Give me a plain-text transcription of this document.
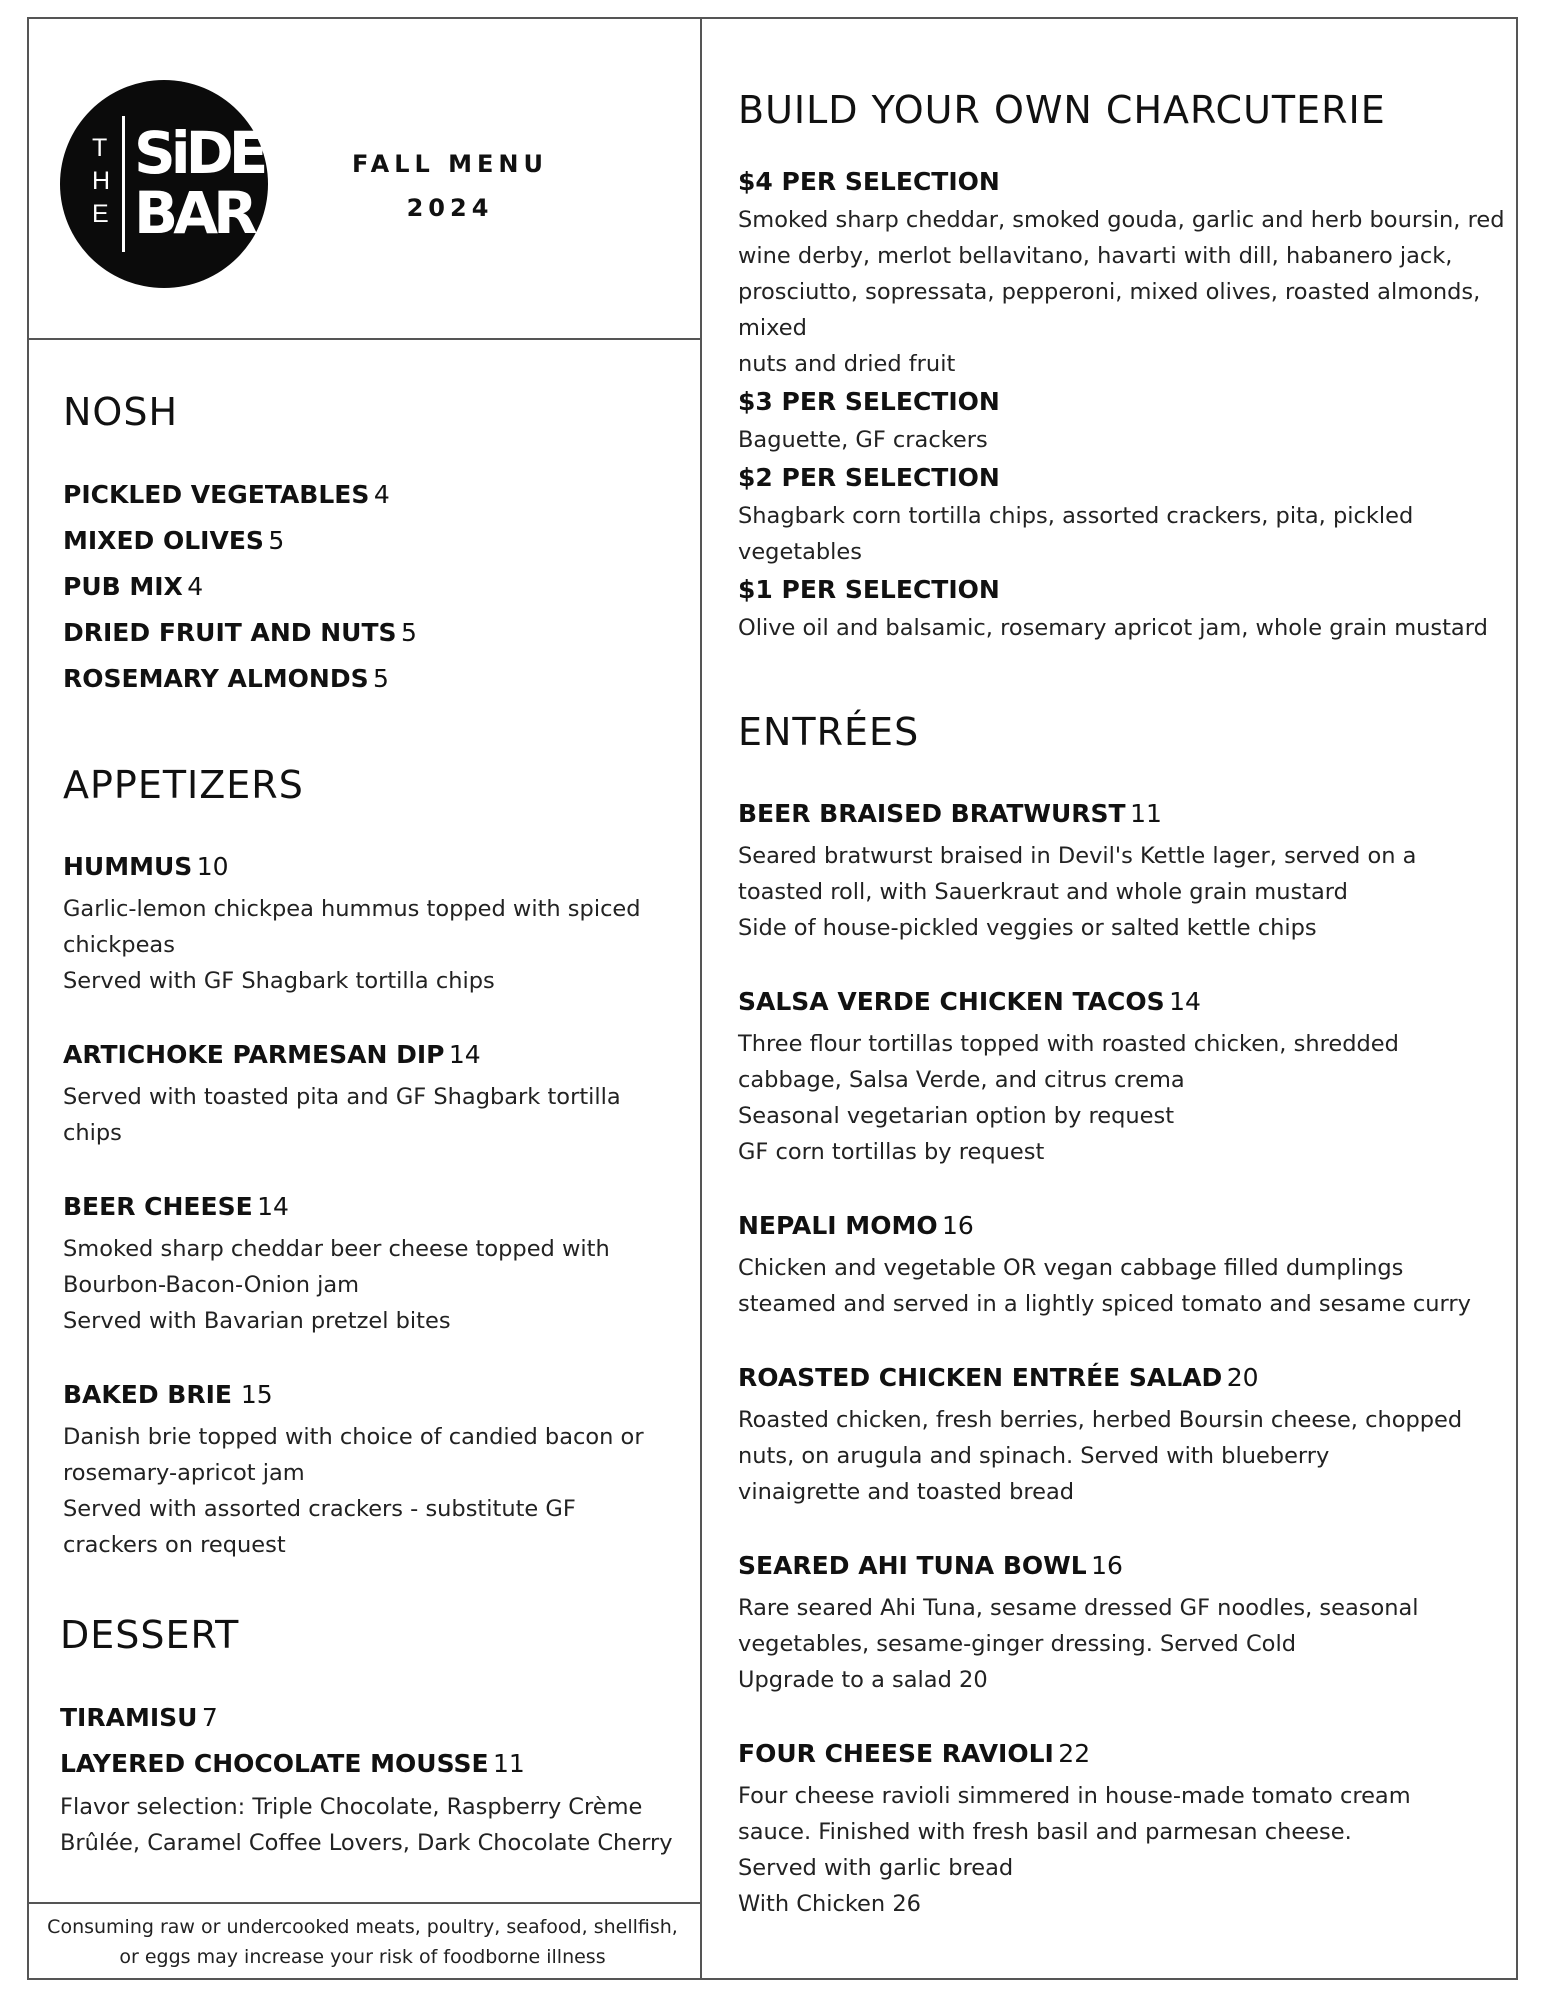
T
H
E
SiDE
BAR
FALL MENU
2024
NOSH
PICKLED VEGETABLES 4
MIXED OLIVES 5
PUB MIX 4
DRIED FRUIT AND NUTS 5
ROSEMARY ALMONDS 5
APPETIZERS
HUMMUS 10
Garlic-lemon chickpea hummus topped with spiced
chickpeas
Served with GF Shagbark tortilla chips
ARTICHOKE PARMESAN DIP 14
Served with toasted pita and GF Shagbark tortilla
chips
BEER CHEESE 14
Smoked sharp cheddar beer cheese topped with
Bourbon-Bacon-Onion jam
Served with Bavarian pretzel bites
BAKED BRIE 15
Danish brie topped with choice of candied bacon or
rosemary-apricot jam
Served with assorted crackers - substitute GF
crackers on request
DESSERT
TIRAMISU 7
LAYERED CHOCOLATE MOUSSE 11
Flavor selection: Triple Chocolate, Raspberry Crème
Brûlée, Caramel Coffee Lovers, Dark Chocolate Cherry
Consuming raw or undercooked meats, poultry, seafood, shellfish,
or eggs may increase your risk of foodborne illness
BUILD YOUR OWN CHARCUTERIE
$4 PER SELECTION
Smoked sharp cheddar, smoked gouda, garlic and herb boursin, red
wine derby, merlot bellavitano, havarti with dill, habanero jack,
prosciutto, sopressata, pepperoni, mixed olives, roasted almonds, mixed
nuts and dried fruit
$3 PER SELECTION
Baguette, GF crackers
$2 PER SELECTION
Shagbark corn tortilla chips, assorted crackers, pita, pickled vegetables
$1 PER SELECTION
Olive oil and balsamic, rosemary apricot jam, whole grain mustard
ENTRÉES
BEER BRAISED BRATWURST 11
Seared bratwurst braised in Devil's Kettle lager, served on a
toasted roll, with Sauerkraut and whole grain mustard
Side of house-pickled veggies or salted kettle chips
SALSA VERDE CHICKEN TACOS 14
Three flour tortillas topped with roasted chicken, shredded
cabbage, Salsa Verde, and citrus crema
Seasonal vegetarian option by request
GF corn tortillas by request
NEPALI MOMO 16
Chicken and vegetable OR vegan cabbage filled dumplings
steamed and served in a lightly spiced tomato and sesame curry
ROASTED CHICKEN ENTRÉE SALAD 20
Roasted chicken, fresh berries, herbed Boursin cheese, chopped
nuts, on arugula and spinach. Served with blueberry
vinaigrette and toasted bread
SEARED AHI TUNA BOWL 16
Rare seared Ahi Tuna, sesame dressed GF noodles, seasonal
vegetables, sesame-ginger dressing. Served Cold
Upgrade to a salad 20
FOUR CHEESE RAVIOLI 22
Four cheese ravioli simmered in house-made tomato cream
sauce. Finished with fresh basil and parmesan cheese.
Served with garlic bread
With Chicken 26
